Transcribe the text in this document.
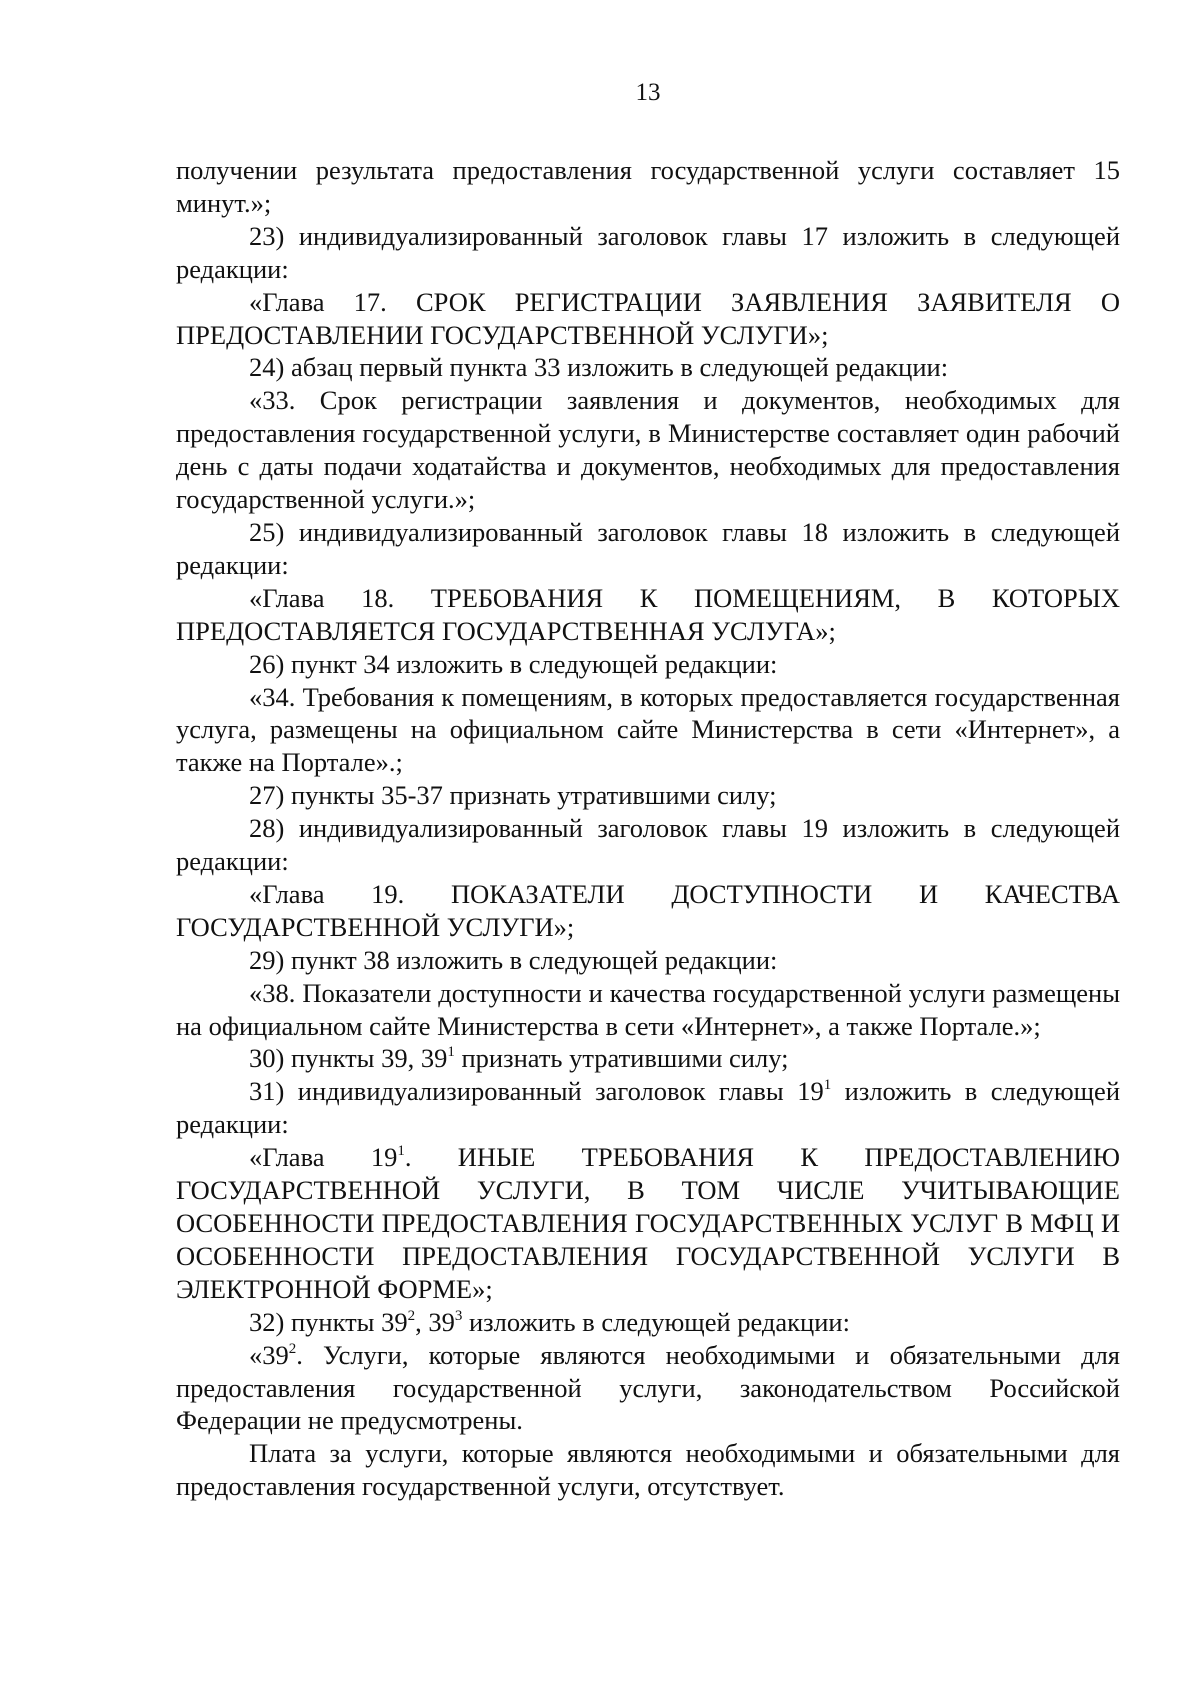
13

получении результата предоставления государственной услуги составляет 15 минут.»;

23) индивидуализированный заголовок главы 17 изложить в следующей редакции:

«Глава 17. СРОК РЕГИСТРАЦИИ ЗАЯВЛЕНИЯ ЗАЯВИТЕЛЯ О ПРЕДОСТАВЛЕНИИ ГОСУДАРСТВЕННОЙ УСЛУГИ»;

24) абзац первый пункта 33 изложить в следующей редакции:

«33. Срок регистрации заявления и документов, необходимых для предоставления государственной услуги, в Министерстве составляет один рабочий день с даты подачи ходатайства и документов, необходимых для предоставления государственной услуги.»;

25) индивидуализированный заголовок главы 18 изложить в следующей редакции:

«Глава 18. ТРЕБОВАНИЯ К ПОМЕЩЕНИЯМ, В КОТОРЫХ ПРЕДОСТАВЛЯЕТСЯ ГОСУДАРСТВЕННАЯ УСЛУГА»;

26) пункт 34 изложить в следующей редакции:

«34. Требования к помещениям, в которых предоставляется государственная услуга, размещены на официальном сайте Министерства в сети «Интернет», а также на Портале».;

27) пункты 35-37 признать утратившими силу;

28) индивидуализированный заголовок главы 19 изложить в следующей редакции:

«Глава 19. ПОКАЗАТЕЛИ ДОСТУПНОСТИ И КАЧЕСТВА ГОСУДАРСТВЕННОЙ УСЛУГИ»;

29) пункт 38 изложить в следующей редакции:

«38. Показатели доступности и качества государственной услуги размещены на официальном сайте Министерства в сети «Интернет», а также Портале.»;

30) пункты 39, $39^1$ признать утратившими силу;

31) индивидуализированный заголовок главы $19^1$ изложить в следующей редакции:

«Глава $19^1$. ИНЫЕ ТРЕБОВАНИЯ К ПРЕДОСТАВЛЕНИЮ ГОСУДАРСТВЕННОЙ УСЛУГИ, В ТОМ ЧИСЛЕ УЧИТЫВАЮЩИЕ ОСОБЕННОСТИ ПРЕДОСТАВЛЕНИЯ ГОСУДАРСТВЕННЫХ УСЛУГ В МФЦ И ОСОБЕННОСТИ ПРЕДОСТАВЛЕНИЯ ГОСУДАРСТВЕННОЙ УСЛУГИ В ЭЛЕКТРОННОЙ ФОРМЕ»;

32) пункты $39^2$, $39^3$ изложить в следующей редакции:

«$39^2$. Услуги, которые являются необходимыми и обязательными для предоставления государственной услуги, законодательством Российской Федерации не предусмотрены.

Плата за услуги, которые являются необходимыми и обязательными для предоставления государственной услуги, отсутствует.
